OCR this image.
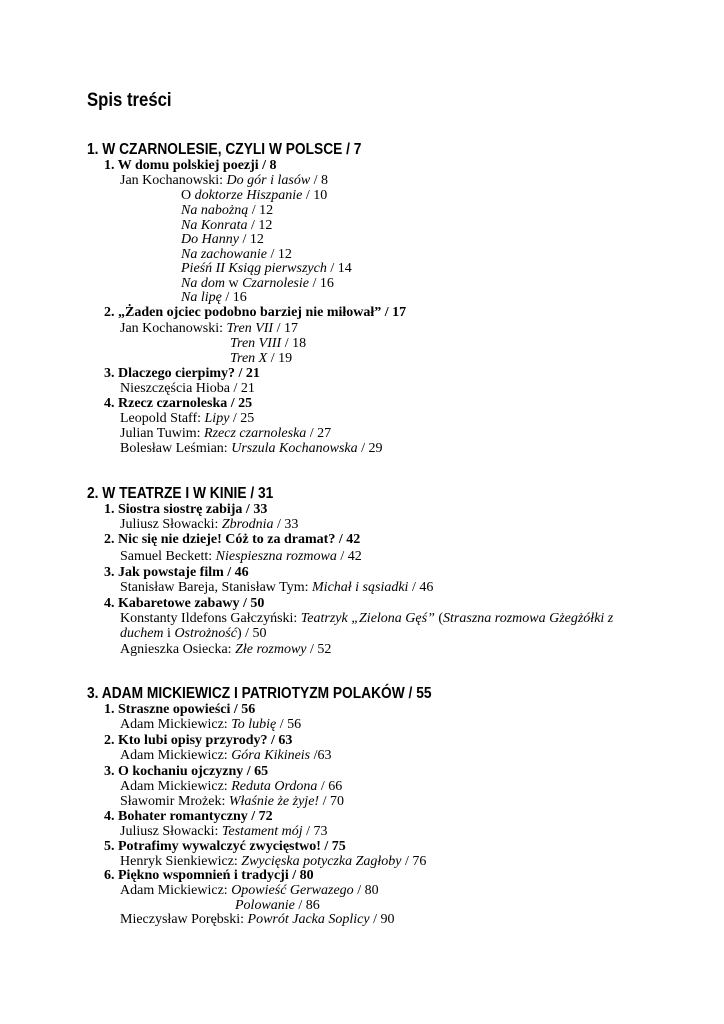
Spis treści
1. W CZARNOLESIE, CZYLI W POLSCE / 7
1. W domu polskiej poezji / 8
Jan Kochanowski: Do gór i lasów / 8
O doktorze Hiszpanie / 10
Na nabożną / 12
Na Konrata / 12
Do Hanny / 12
Na zachowanie / 12
Pieśń II Ksiąg pierwszych / 14
Na dom w Czarnolesie / 16
Na lipę / 16
2. „Żaden ojciec podobno barziej nie miłował” / 17
Jan Kochanowski: Tren VII / 17
Tren VIII / 18
Tren X / 19
3. Dlaczego cierpimy? / 21
Nieszczęścia Hioba / 21
4. Rzecz czarnoleska / 25
Leopold Staff: Lipy / 25
Julian Tuwim: Rzecz czarnoleska / 27
Bolesław Leśmian: Urszula Kochanowska / 29
2. W TEATRZE I W KINIE / 31
1. Siostra siostrę zabija / 33
Juliusz Słowacki: Zbrodnia / 33
2. Nic się nie dzieje! Cóż to za dramat? / 42
Samuel Beckett: Niespieszna rozmowa / 42
3. Jak powstaje film / 46
Stanisław Bareja, Stanisław Tym: Michał i sąsiadki / 46
4. Kabaretowe zabawy / 50
Konstanty Ildefons Gałczyński: Teatrzyk „Zielona Gęś” (Straszna rozmowa Gżegżółki z
duchem i Ostrożność) / 50
Agnieszka Osiecka: Złe rozmowy / 52
3. ADAM MICKIEWICZ I PATRIOTYZM POLAKÓW / 55
1. Straszne opowieści / 56
Adam Mickiewicz: To lubię / 56
2. Kto lubi opisy przyrody? / 63
Adam Mickiewicz: Góra Kikineis /63
3. O kochaniu ojczyzny / 65
Adam Mickiewicz: Reduta Ordona / 66
Sławomir Mrożek: Właśnie że żyje! / 70
4. Bohater romantyczny / 72
Juliusz Słowacki: Testament mój / 73
5. Potrafimy wywalczyć zwycięstwo! / 75
Henryk Sienkiewicz: Zwycięska potyczka Zagłoby / 76
6. Piękno wspomnień i tradycji / 80
Adam Mickiewicz: Opowieść Gerwazego / 80
Polowanie / 86
Mieczysław Porębski: Powrót Jacka Soplicy / 90
